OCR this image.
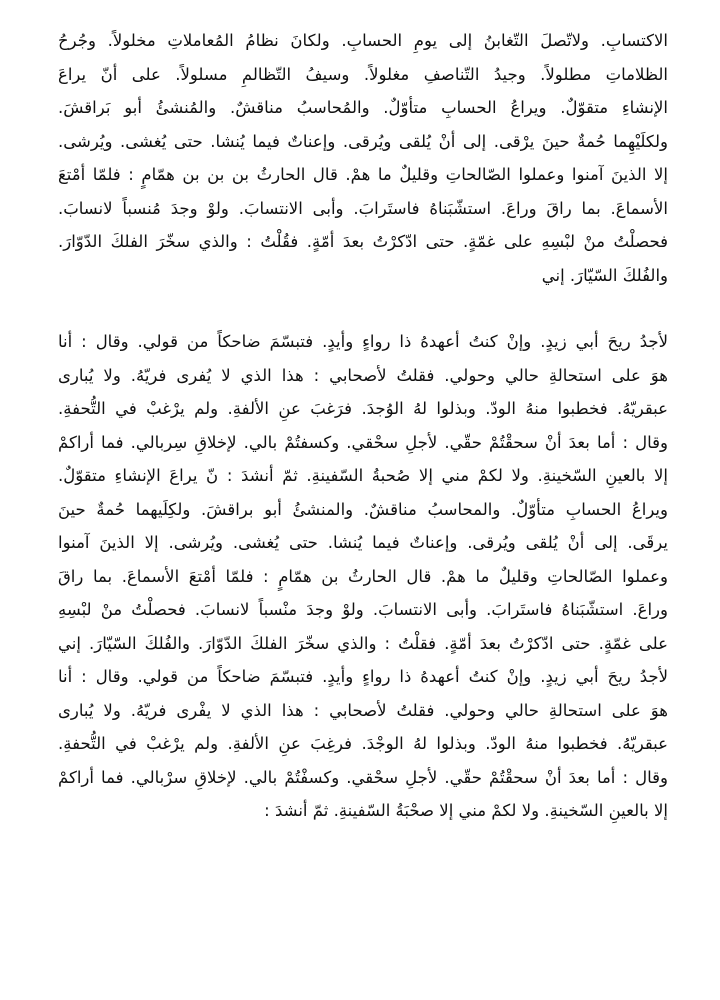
الاكتسابِ. ولاتّصلَ التّغابنُ إلى يومِ الحسابِ. ولكانَ نظامُ المُعاملاتِ مخلولاً. وجُرحُ
الظلاماتِ مطلولاً. وجيدُ التّناصفِ مغلولاً. وسيفُ التّظالمِ مسلولاً. على أنّ يراعَ
الإنشاءِ متقوّلٌ. ويراعُ الحسابِ متأوّلٌ. والمُحاسبُ مناقشٌ. والمُنشئُ أبو بَراقشَ.
ولكلَيْهِما حُمةٌ حينَ يرْقى. إلى أنْ يُلقى ويُرقى. وإعناتٌ فيما يُنشا. حتى يُغشى. ويُرشى.
إلا الذينَ آمنوا وعملوا الصّالحاتِ وقليلٌ ما همْ. قال الحارثُ بن بن بن همّامٍ : فلمّا أمْتعَ
الأسماعَ. بما راقَ وراعَ. استشّبَناهُ فاستَرابَ. وأبى الانتسابَ. ولوْ وجدَ مُنسباً لانسابَ.
فحصلْتُ منْ لبْسِهِ على غمّةٍ. حتى ادّكرْتُ بعدَ أمّةٍ. فقُلْتُ : والذي سخّرَ الفلكَ الدّوّارَ.
والفُلكَ السّيّارَ. إني
لأجدُ ريحَ أبي زيدٍ. وإنْ كنتُ أعهدهُ ذا رواءٍ وأيدٍ. فتبسّمَ ضاحكاً من قولي. وقال : أنا
هوَ على استحالةِ حالي وحولي. فقلتُ لأصحابي : هذا الذي لا يُفرى فريّهُ. ولا يُبارى
عبقريّهُ. فخطبوا منهُ الودّ. وبذلوا لهُ الوُجدَ. فرَغبَ عنِ الألفةِ. ولم يرْغبْ في التُّحفةِ.
وقال : أما بعدَ أنْ سحقْتُمْ حقّي. لأجلِ سحْقي. وكسفتُمْ بالي. لإخلاقِ سِربالي. فما أراكمْ
إلا بالعينِ السّخينةِ. ولا لكمْ مني إلا صُحبةُ السّفينةِ. ثمّ أنشدَ : نّ يراعَ الإنشاءِ متقوّلٌ.
ويراعُ الحسابِ متأوّلٌ. والمحاسبُ مناقشٌ. والمنشئُ أبو براقشَ. ولكِلَيهما حُمةٌ حينَ
يرقَى. إلى أنْ يُلقى ويُرقى. وإعناتٌ فيما يُنشا. حتى يُغشى. ويُرشى. إلا الذينَ آمنوا
وعملوا الصّالحاتِ وقليلٌ ما همْ. قال الحارثُ بن همّامٍ : فلمّا أمْتعَ الأسماعَ. بما راقَ
وراعَ. استشّبَناهُ فاستَرابَ. وأبى الانتسابَ. ولوْ وجدَ منْسباً لانسابَ. فحصلْتُ منْ لبْسِهِ
على غمّةٍ. حتى ادّكرْتُ بعدَ أمّةٍ. فقلْتُ : والذي سخّرَ الفلكَ الدّوّارَ. والفُلكَ السّيّارَ. إني
لأجدُ ريحَ أبي زيدٍ. وإنْ كنتُ أعهدهُ ذا رواءٍ وأيدٍ. فتبسّمَ ضاحكاً من قولي. وقال : أنا
هوَ على استحالةِ حالي وحولي. فقلتُ لأصحابي : هذا الذي لا يفْرى فريّهُ. ولا يُبارى
عبقريّهُ. فخطبوا منهُ الودّ. وبذلوا لهُ الوجْدَ. فرغِبَ عنِ الألفةِ. ولم يرْغبْ في التُّحفةِ.
وقال : أما بعدَ أنْ سحقْتُمْ حقّي. لأجلِ سحْقي. وكسفْتُمْ بالي. لإخلاقِ سرْبالي. فما أراكمْ
إلا بالعينِ السّخينةِ. ولا لكمْ مني إلا صحْبَةُ السّفينةِ. ثمّ أنشدَ :
